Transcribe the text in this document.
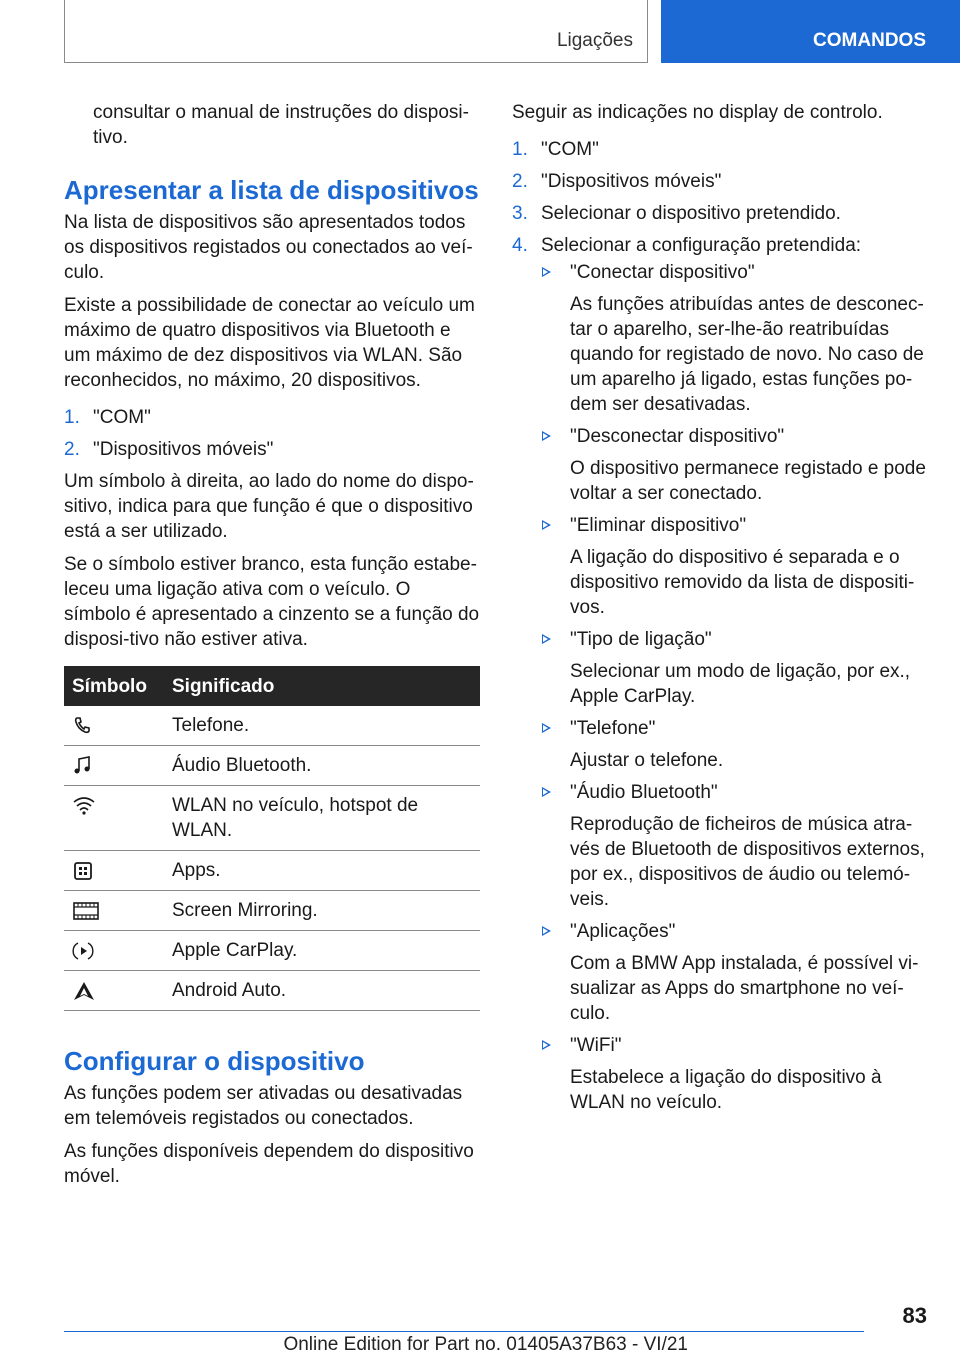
Ligações	COMANDOS

consultar o manual de instruções do disposi-tivo.

Apresentar a lista de dispositivos

Na lista de dispositivos são apresentados todos os dispositivos registados ou conectados ao veí-culo.

Existe a possibilidade de conectar ao veículo um máximo de quatro dispositivos via Bluetooth e um máximo de dez dispositivos via WLAN. São reconhecidos, no máximo, 20 dispositivos.

1. "COM"
2. "Dispositivos móveis"

Um símbolo à direita, ao lado do nome do dispo-sitivo, indica para que função é que o dispositivo está a ser utilizado.

Se o símbolo estiver branco, esta função estabe-leceu uma ligação ativa com o veículo. O símbolo é apresentado a cinzento se a função do disposi-tivo não estiver ativa.

Símbolo	Significado

	Telefone.

	Áudio Bluetooth.

	WLAN no veículo, hotspot de WLAN.

	Apps.

	Screen Mirroring.

	Apple CarPlay.

	Android Auto.
Configurar o dispositivo

As funções podem ser ativadas ou desativadas em telemóveis registados ou conectados.

As funções disponíveis dependem do dispositivo móvel.

Seguir as indicações no display de controlo.

1. "COM"
2. "Dispositivos móveis"
3. Selecionar o dispositivo pretendido.
4. Selecionar a configuração pretendida:
"Conectar dispositivo"
As funções atribuídas antes de desconec-tar o aparelho, ser-lhe-ão reatribuídas quando for registado de novo. No caso de um aparelho já ligado, estas funções po-dem ser desativadas.
"Desconectar dispositivo"
O dispositivo permanece registado e pode voltar a ser conectado.
"Eliminar dispositivo"
A ligação do dispositivo é separada e o dispositivo removido da lista de dispositi-vos.
"Tipo de ligação"
Selecionar um modo de ligação, por ex., Apple CarPlay.
"Telefone"
Ajustar o telefone.
"Áudio Bluetooth"
Reprodução de ficheiros de música atra-vés de Bluetooth de dispositivos externos, por ex., dispositivos de áudio ou telemó-veis.
"Aplicações"
Com a BMW App instalada, é possível vi-sualizar as Apps do smartphone no veí-culo.
"WiFi"
Estabelece a ligação do dispositivo à WLAN no veículo.
83
Online Edition for Part no. 01405A37B63 - VI/21
